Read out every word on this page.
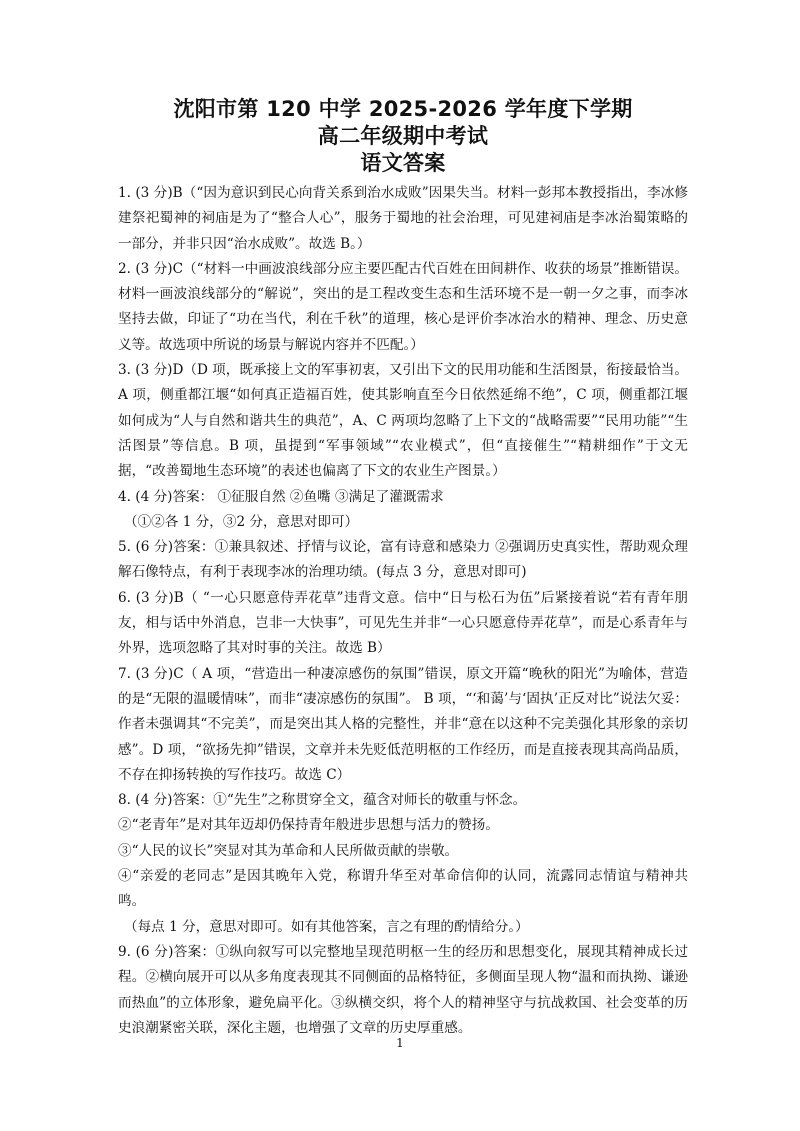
沈阳市第 120 中学 2025-2026 学年度下学期

高二年级期中考试

语文答案

1. (3 分)B（“因为意识到民心向背关系到治水成败”因果失当。材料一彭邦本教授指出，李冰修建祭祀蜀神的祠庙是为了“整合人心”，服务于蜀地的社会治理，可见建祠庙是李冰治蜀策略的一部分，并非只因“治水成败”。故选 B。）

2. (3 分)C（“材料一中画波浪线部分应主要匹配古代百姓在田间耕作、收获的场景”推断错误。材料一画波浪线部分的“解说”，突出的是工程改变生态和生活环境不是一朝一夕之事，而李冰坚持去做，印证了“功在当代，利在千秋”的道理，核心是评价李冰治水的精神、理念、历史意义等。故选项中所说的场景与解说内容并不匹配。）

3. (3 分)D（D 项，既承接上文的军事初衷，又引出下文的民用功能和生活图景，衔接最恰当。A 项，侧重都江堰“如何真正造福百姓，使其影响直至今日依然延绵不绝”，C 项，侧重都江堰如何成为“人与自然和谐共生的典范”，A、C 两项均忽略了上下文的“战略需要”“民用功能”“生活图景”等信息。B 项，虽提到“军事领域”“农业模式”，但“直接催生”“精耕细作”于文无据，“改善蜀地生态环境”的表述也偏离了下文的农业生产图景。）

4. (4 分)答案： ①征服自然 ②鱼嘴 ③满足了灌溉需求

（①②各 1 分，③2 分，意思对即可）

5. (6 分)答案：①兼具叙述、抒情与议论，富有诗意和感染力 ②强调历史真实性，帮助观众理解石像特点，有利于表现李冰的治理功绩。(每点 3 分，意思对即可)

6. (3 分)B（ “一心只愿意侍弄花草”违背文意。信中“日与松石为伍”后紧接着说“若有青年朋友，相与话中外消息，岂非一大快事”，可见先生并非“一心只愿意侍弄花草”，而是心系青年与外界，选项忽略了其对时事的关注。故选 B）

7. (3 分)C（ A 项，“营造出一种凄凉感伤的氛围”错误，原文开篇“晚秋的阳光”为喻体，营造的是“无限的温暖情味”，而非“凄凉感伤的氛围”。 B 项，“‘和蔼’与‘固执’正反对比”说法欠妥：作者未强调其“不完美”，而是突出其人格的完整性，并非“意在以这种不完美强化其形象的亲切感”。D 项，“欲扬先抑”错误，文章并未先贬低范明枢的工作经历，而是直接表现其高尚品质，不存在抑扬转换的写作技巧。故选 C）

8. (4 分)答案：①“先生”之称贯穿全文，蕴含对师长的敬重与怀念。

②“老青年”是对其年迈却仍保持青年般进步思想与活力的赞扬。

③“人民的议长”突显对其为革命和人民所做贡献的崇敬。

④“亲爱的老同志”是因其晚年入党，称谓升华至对革命信仰的认同，流露同志情谊与精神共鸣。

（每点 1 分，意思对即可。如有其他答案，言之有理的酌情给分。）

9. (6 分)答案：①纵向叙写可以完整地呈现范明枢一生的经历和思想变化，展现其精神成长过程。②横向展开可以从多角度表现其不同侧面的品格特征，多侧面呈现人物“温和而执拗、谦逊而热血”的立体形象，避免扁平化。③纵横交织，将个人的精神坚守与抗战救国、社会变革的历史浪潮紧密关联，深化主题，也增强了文章的历史厚重感。

1
